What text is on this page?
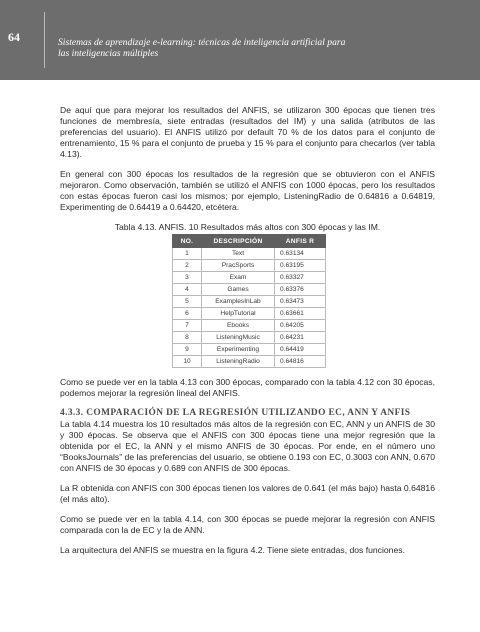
64	Sistemas de aprendizaje e-learning: técnicas de inteligencia artificial para las inteligencias múltiples

De aquí que para mejorar los resultados del ANFIS, se utilizaron 300 épocas que tienen tres funciones de membresía, siete entradas (resultados del IM) y una salida (atributos de las preferencias del usuario). El ANFIS utilizó por default 70 % de los datos para el conjunto de entrenamiento, 15 % para el conjunto de prueba y 15 % para el conjunto para checarlos (ver tabla 4.13).

En general con 300 épocas los resultados de la regresión que se obtuvieron con el ANFIS mejoraron. Como observación, también se utilizó el ANFIS con 1000 épocas, pero los resultados con estas épocas fueron casi los mismos; por ejemplo, ListeningRadio de 0.64816 a 0.64819, Experimenting de 0.64419 a 0.64420, etcétera.

Tabla 4.13. ANFIS. 10 Resultados más altos con 300 épocas y las IM.
NO.	DESCRIPCIÓN	ANFIS R
1	Text	0.63134
2	PracSports	0.63195
3	Exam	0.63327
4	Games	0.63376
5	ExamplesInLab	0.63473
6	HelpTutorial	0.63661
7	Ebooks	0.64205
8	ListeningMusic	0.64231
9	Experimenting	0.64419
10	ListeningRadio	0.64816

Como se puede ver en la tabla 4.13 con 300 épocas, comparado con la tabla 4.12 con 30 épocas, podemos mejorar la regresión lineal del ANFIS.

4.3.3. COMPARACIÓN DE LA REGRESIÓN UTILIZANDO EC, ANN Y ANFIS

La tabla 4.14 muestra los 10 resultados más altos de la regresión con EC, ANN y un ANFIS de 30 y 300 épocas. Se observa que el ANFIS con 300 épocas tiene una mejor regresión que la obtenida por el EC, la ANN y el mismo ANFIS de 30 épocas. Por ende, en el número uno “BooksJournals” de las preferencias del usuario, se obtiene 0.193 con EC, 0.3003 con ANN, 0.670 con ANFIS de 30 épocas y 0.689 con ANFIS de 300 épocas.

La R obtenida con ANFIS con 300 épocas tienen los valores de 0.641 (el más bajo) hasta 0.64816 (el más alto).

Como se puede ver en la tabla 4.14, con 300 épocas se puede mejorar la regresión con ANFIS comparada con la de EC y la de ANN.

La arquitectura del ANFIS se muestra en la figura 4.2. Tiene siete entradas, dos funciones.
